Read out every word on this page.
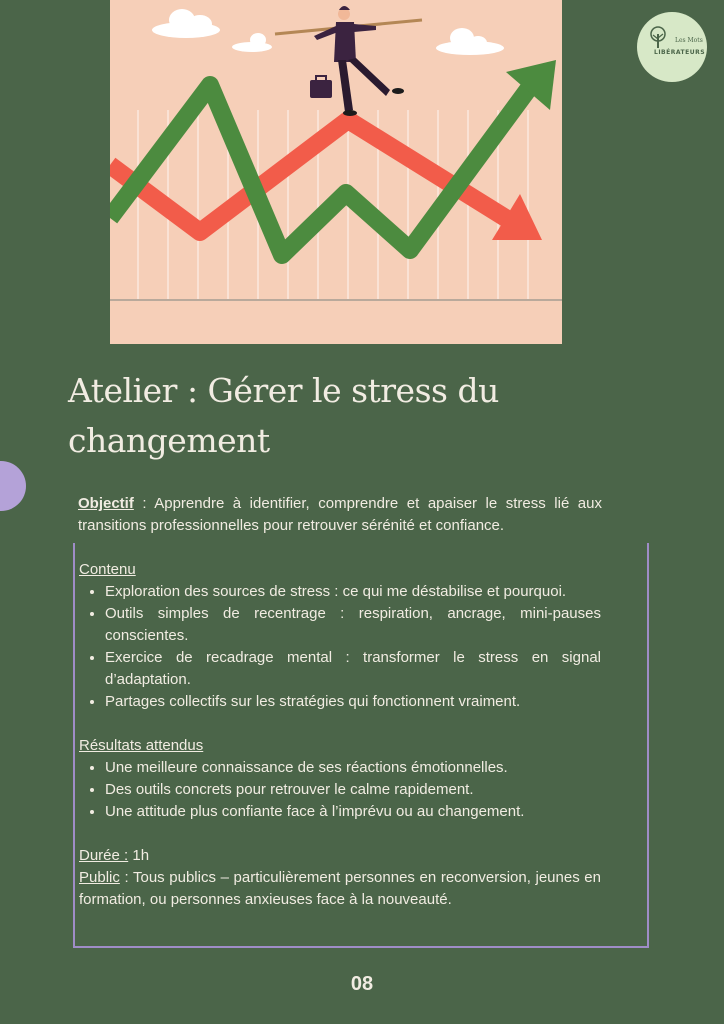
Les Mots
LIBÉRATEURS
Atelier : Gérer le stress du changement

Objectif : Apprendre à identifier, comprendre et apaiser le stress lié aux transitions professionnelles pour retrouver sérénité et confiance.

Contenu

• Exploration des sources de stress : ce qui me déstabilise et pourquoi.
• Outils simples de recentrage : respiration, ancrage, mini-pauses conscientes.
• Exercice de recadrage mental : transformer le stress en signal d’adaptation.
• Partages collectifs sur les stratégies qui fonctionnent vraiment.

Résultats attendus

• Une meilleure connaissance de ses réactions émotionnelles.
• Des outils concrets pour retrouver le calme rapidement.
• Une attitude plus confiante face à l’imprévu ou au changement.

Durée : 1h

Public : Tous publics – particulièrement personnes en reconversion, jeunes en formation, ou personnes anxieuses face à la nouveauté.

08
